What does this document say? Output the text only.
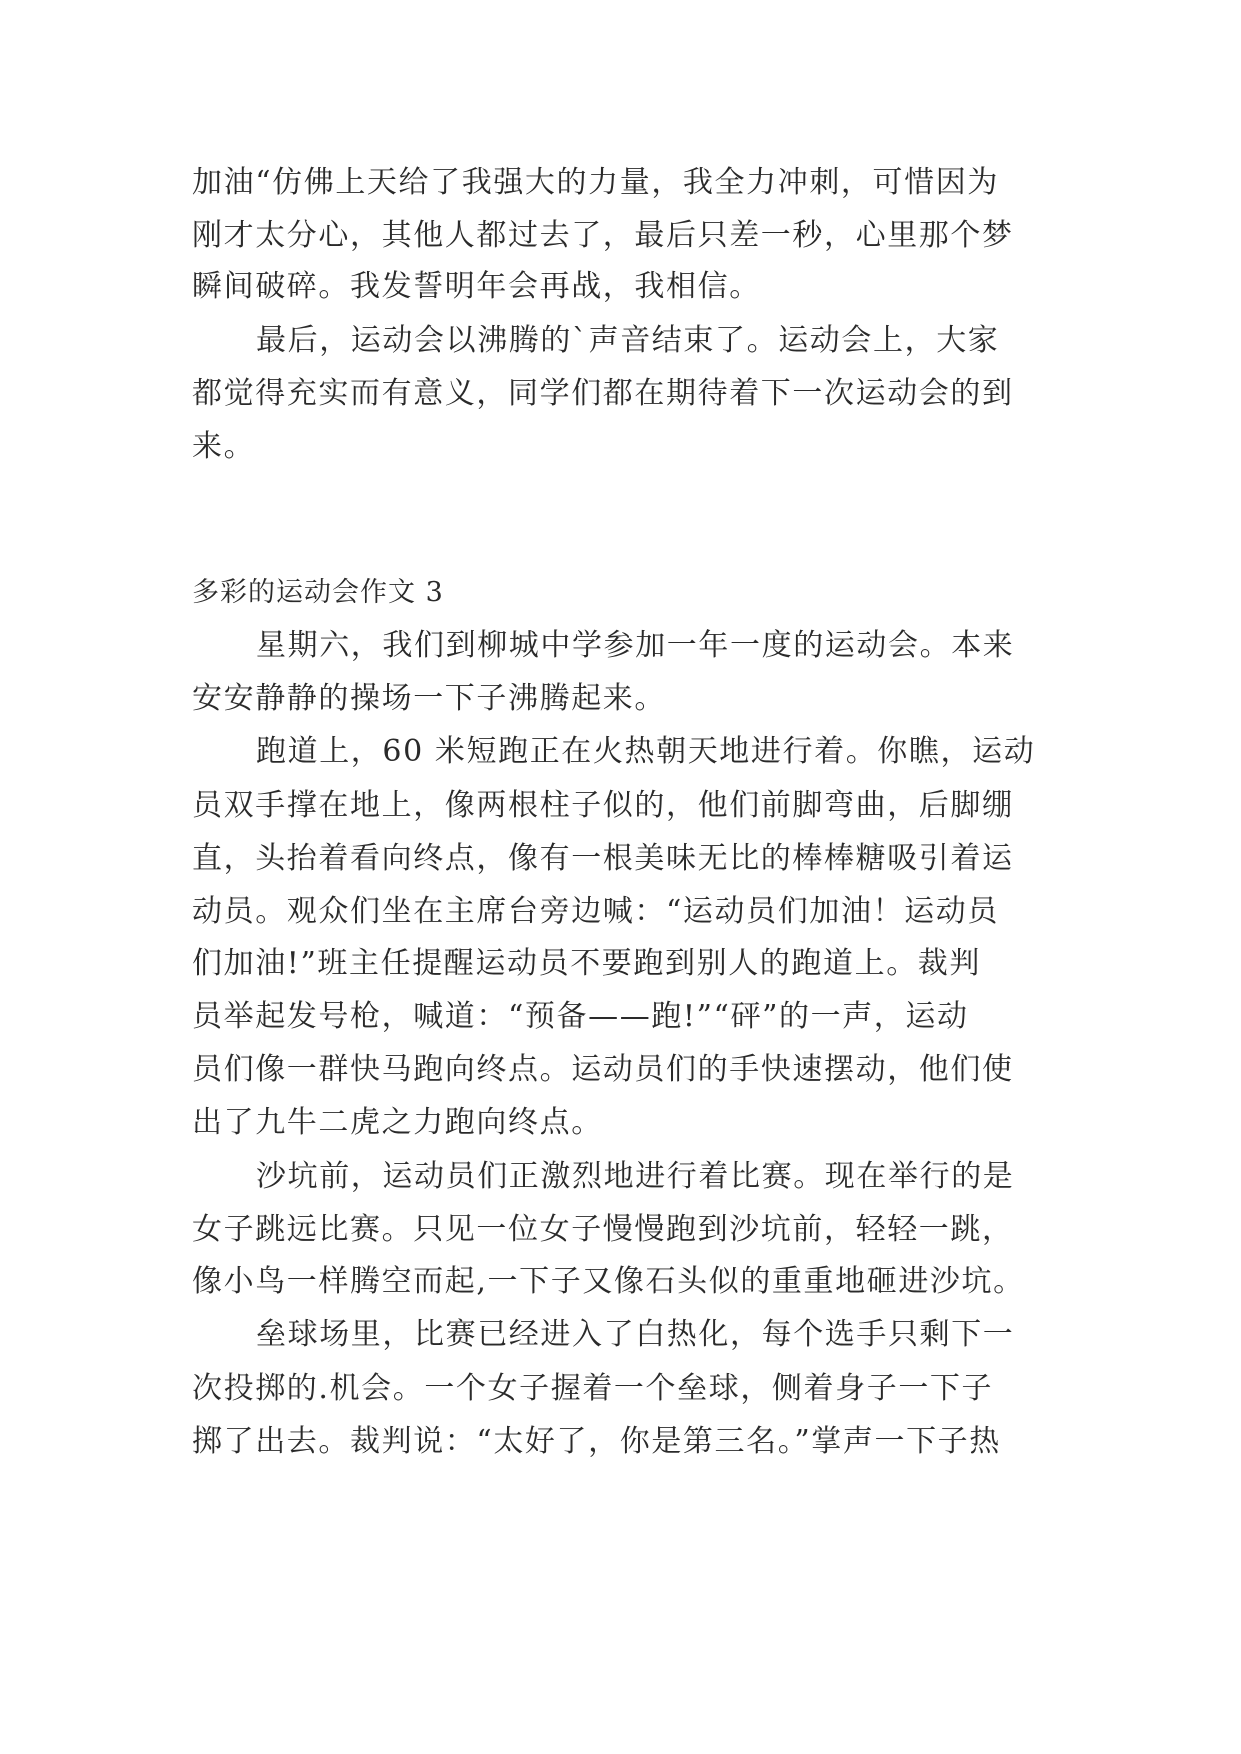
加油“仿佛上天给了我强大的力量，我全力冲刺，可惜因为
刚才太分心，其他人都过去了，最后只差一秒，心里那个梦
瞬间破碎。我发誓明年会再战，我相信。
最后，运动会以沸腾的`声音结束了。运动会上，大家
都觉得充实而有意义，同学们都在期待着下一次运动会的到
来。
多彩的运动会作文 3
星期六，我们到柳城中学参加一年一度的运动会。本来
安安静静的操场一下子沸腾起来。
跑道上，60 米短跑正在火热朝天地进行着。你瞧，运动
员双手撑在地上，像两根柱子似的，他们前脚弯曲，后脚绷
直，头抬着看向终点，像有一根美味无比的棒棒糖吸引着运
动员。观众们坐在主席台旁边喊：“运动员们加油！运动员
们加油!”班主任提醒运动员不要跑到别人的跑道上。裁判
员举起发号枪，喊道：“预备——跑!”“砰”的一声，运动
员们像一群快马跑向终点。运动员们的手快速摆动，他们使
出了九牛二虎之力跑向终点。
沙坑前，运动员们正激烈地进行着比赛。现在举行的是
女子跳远比赛。只见一位女子慢慢跑到沙坑前，轻轻一跳，
像小鸟一样腾空而起,一下子又像石头似的重重地砸进沙坑。
垒球场里，比赛已经进入了白热化，每个选手只剩下一
次投掷的.机会。一个女子握着一个垒球，侧着身子一下子
掷了出去。裁判说：“太好了，你是第三名。”掌声一下子热
